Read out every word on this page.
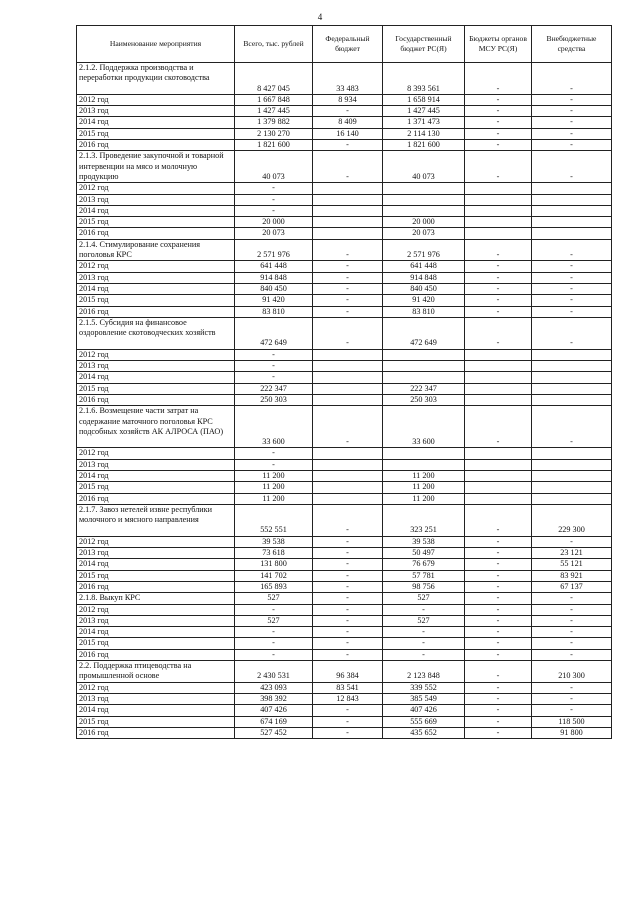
4
Наименование мероприятия	Всего, тыс. рублей	Федеральный бюджет	Государственный бюджет РС(Я)	Бюджеты органов МСУ РС(Я)	Внебюджетные средства
2.1.2. Поддержка производства и переработки продукции скотоводства	8 427 045	33 483	8 393 561	-	-
2012 год	1 667 848	8 934	1 658 914	-	-
2013 год	1 427 445	-	1 427 445	-	-
2014 год	1 379 882	8 409	1 371 473	-	-
2015 год	2 130 270	16 140	2 114 130	-	-
2016 год	1 821 600	-	1 821 600	-	-
2.1.3. Проведение закупочной и товарной интервенции на мясо и молочную продукцию	40 073	-	40 073	-	-
2012 год	-				
2013 год	-				
2014 год	-				
2015 год	20 000		20 000		
2016 год	20 073		20 073		
2.1.4. Стимулирование сохранения поголовья КРС	2 571 976	-	2 571 976	-	-
2012 год	641 448	-	641 448	-	-
2013 год	914 848	-	914 848	-	-
2014 год	840 450	-	840 450	-	-
2015 год	91 420	-	91 420	-	-
2016 год	83 810	-	83 810	-	-
2.1.5. Субсидия на финансовое оздоровление скотоводческих хозяйств	472 649	-	472 649	-	-
2012 год	-				
2013 год	-				
2014 год	-				
2015 год	222 347		222 347		
2016 год	250 303		250 303		
2.1.6. Возмещение части затрат на содержание маточного поголовья КРС подсобных хозяйств АК АЛРОСА (ПАО)	33 600	-	33 600	-	-
2012 год	-				
2013 год	-				
2014 год	11 200		11 200		
2015 год	11 200		11 200		
2016 год	11 200		11 200		
2.1.7. Завоз нетелей извне республики молочного и мясного направления	552 551	-	323 251	-	229 300
2012 год	39 538	-	39 538	-	-
2013 год	73 618	-	50 497	-	23 121
2014 год	131 800	-	76 679	-	55 121
2015 год	141 702	-	57 781	-	83 921
2016 год	165 893	-	98 756	-	67 137
2.1.8. Выкуп КРС	527	-	527	-	-
2012 год	-	-	-	-	-
2013 год	527	-	527	-	-
2014 год	-	-	-	-	-
2015 год	-	-	-	-	-
2016 год	-	-	-	-	-
2.2. Поддержка птицеводства на промышленной основе	2 430 531	96 384	2 123 848	-	210 300
2012 год	423 093	83 541	339 552	-	-
2013 год	398 392	12 843	385 549	-	-
2014 год	407 426	-	407 426	-	-
2015 год	674 169	-	555 669	-	118 500
2016 год	527 452	-	435 652	-	91 800
